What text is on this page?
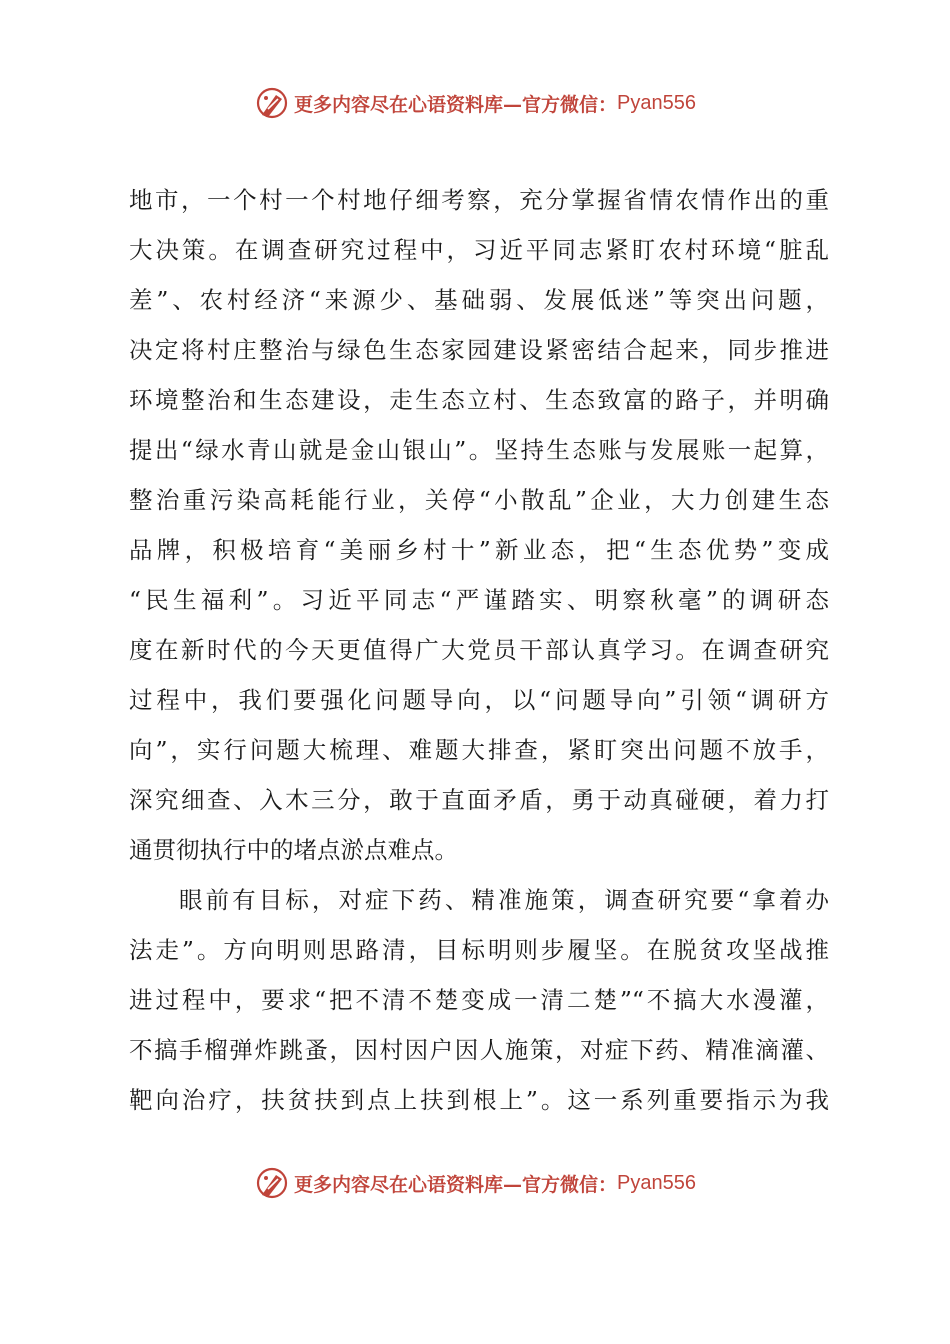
更多内容尽在心语资料库 —官方微信： Pyan556
地市，一个村一个村地仔细考察，充分掌握省情农情作出的重
大决策。在调查研究过程中，习近平同志紧盯农村环境“脏乱
差”、农村经济“来源少、基础弱、发展低迷”等突出问题，
决定将村庄整治与绿色生态家园建设紧密结合起来，同步推进
环境整治和生态建设，走生态立村、生态致富的路子，并明确
提出“绿水青山就是金山银山”。坚持生态账与发展账一起算，
整治重污染高耗能行业，关停“小散乱”企业，大力创建生态
品牌，积极培育“美丽乡村十”新业态，把“生态优势”变成
“民生福利”。习近平同志“严谨踏实、明察秋毫”的调研态
度在新时代的今天更值得广大党员干部认真学习。在调查研究
过程中，我们要强化问题导向，以“问题导向”引领“调研方
向”，实行问题大梳理、难题大排查，紧盯突出问题不放手，
深究细查、入木三分，敢于直面矛盾，勇于动真碰硬，着力打
通贯彻执行中的堵点淤点难点。
眼前有目标，对症下药、精准施策，调查研究要“拿着办
法走”。方向明则思路清，目标明则步履坚。在脱贫攻坚战推
进过程中，要求“把不清不楚变成一清二楚”“不搞大水漫灌，
不搞手榴弹炸跳蚤，因村因户因人施策，对症下药、精准滴灌、
靶向治疗，扶贫扶到点上扶到根上”。这一系列重要指示为我
更多内容尽在心语资料库 —官方微信： Pyan556
